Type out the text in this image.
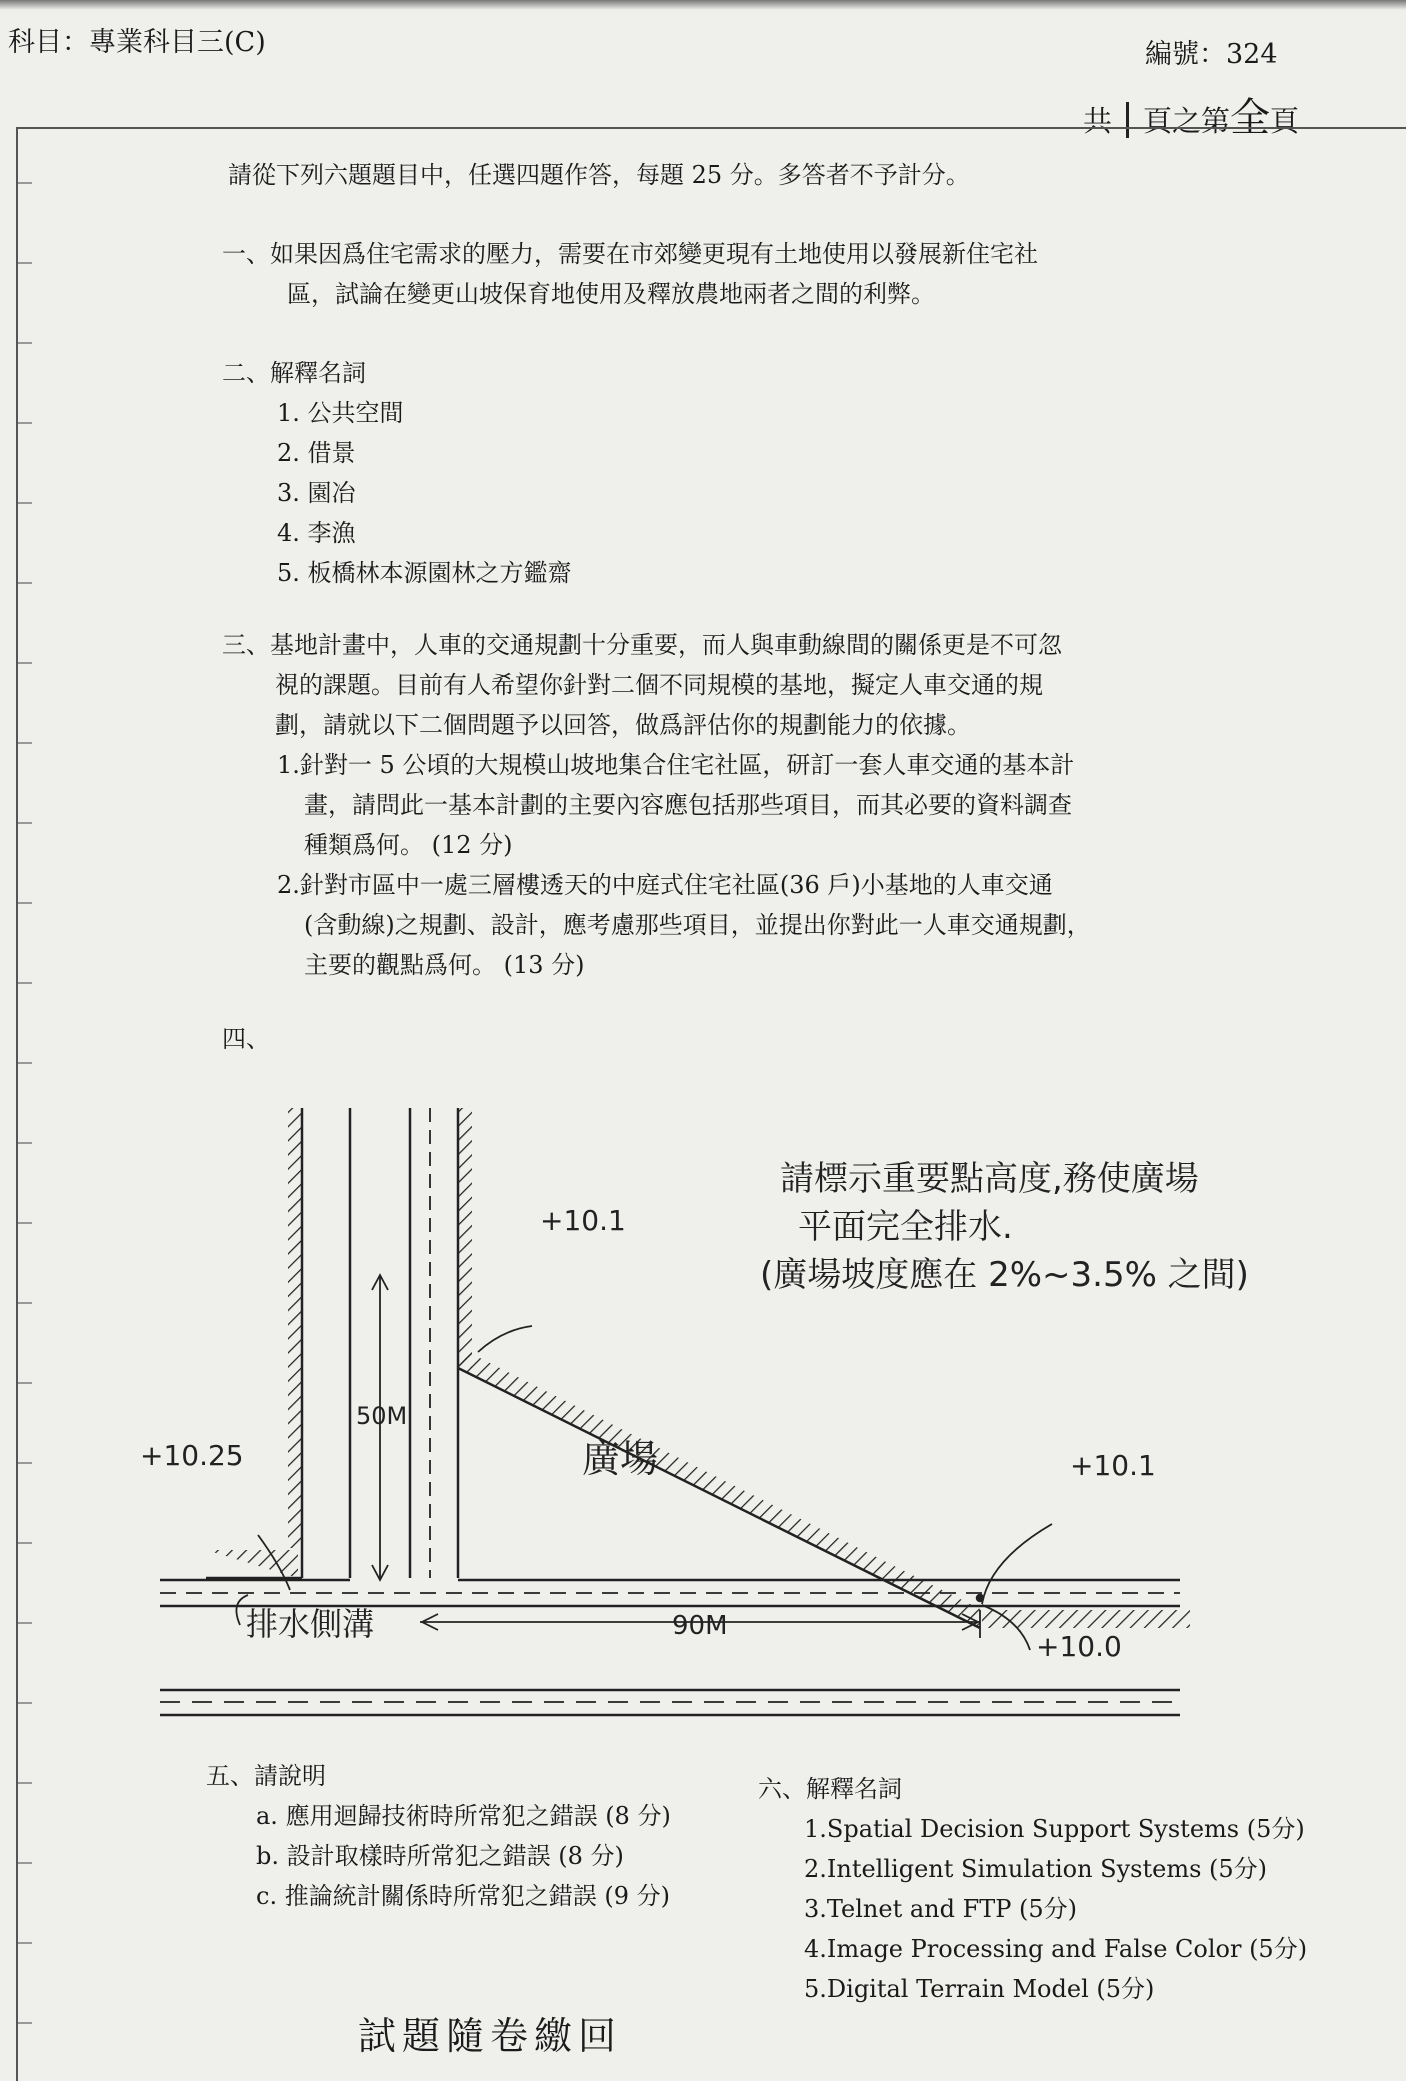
科目：專業科目三(C)	編號：324
共 頁之第全頁
請從下列六題題目中，任選四題作答，每題 25 分。多答者不予計分。
一、如果因爲住宅需求的壓力，需要在市郊變更現有土地使用以發展新住宅社
區，試論在變更山坡保育地使用及釋放農地兩者之間的利弊。
二、解釋名詞
1. 公共空間
2. 借景
3. 園冶
4. 李漁
5. 板橋林本源園林之方鑑齋
三、基地計畫中，人車的交通規劃十分重要，而人與車動線間的關係更是不可忽
視的課題。目前有人希望你針對二個不同規模的基地，擬定人車交通的規
劃，請就以下二個問題予以回答，做爲評估你的規劃能力的依據。
1.針對一 5 公頃的大規模山坡地集合住宅社區，研訂一套人車交通的基本計
畫，請問此一基本計劃的主要內容應包括那些項目，而其必要的資料調查
種類爲何。 (12 分)
2.針對市區中一處三層樓透天的中庭式住宅社區(36 戶)小基地的人車交通
(含動線)之規劃、設計，應考慮那些項目，並提出你對此一人車交通規劃，
主要的觀點爲何。 (13 分)
四、
請標示重要點高度,務使廣場
平面完全排水.
(廣場坡度應在 2%~3.5% 之間)
廣場
排水側溝
+10.1
+10.25	+10.1
+10.0
50M
90M
五、請說明
a. 應用迴歸技術時所常犯之錯誤 (8 分)
b. 設計取樣時所常犯之錯誤 (8 分)
c. 推論統計關係時所常犯之錯誤 (9 分)
六、解釋名詞
1.Spatial Decision Support Systems (5分)
2.Intelligent Simulation Systems (5分)
3.Telnet and FTP (5分)
4.Image Processing and False Color (5分)
5.Digital Terrain Model (5分)
試題隨卷繳回
